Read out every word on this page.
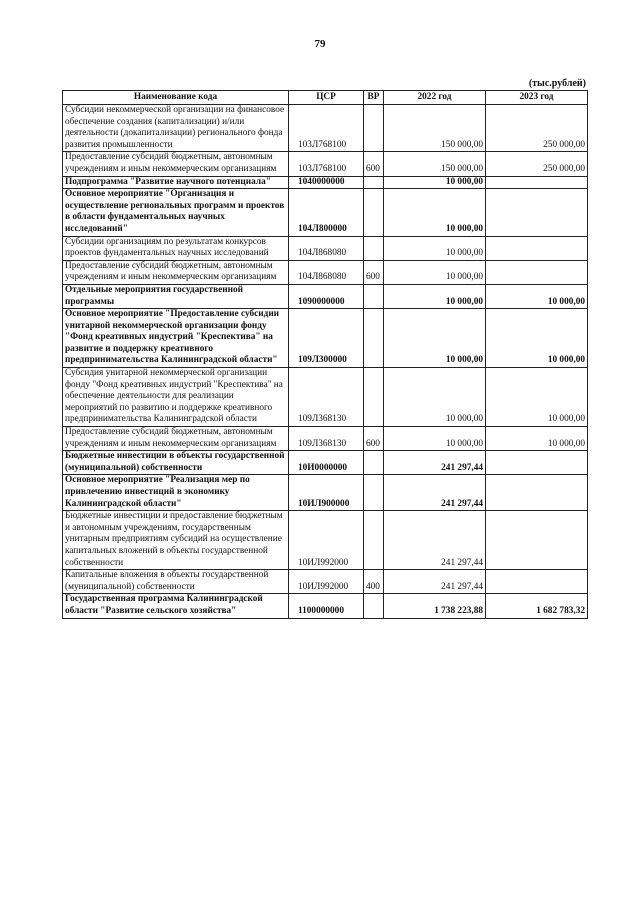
79
(тыс.рублей)
Наименование кода	ЦСР	ВР	2022 год	2023 год
Субсидии некоммерческой организации на финансовое обеспечение создания (капитализации) и/или деятельности (докапитализации) регионального фонда развития промышленности	103Л768100		150 000,00	250 000,00
Предоставление субсидий бюджетным, автономным учреждениям и иным некоммерческим организациям	103Л768100	600	150 000,00	250 000,00
Подпрограмма "Развитие научного потенциала"	1040000000		10 000,00	
Основное мероприятие "Организация и осуществление региональных программ и проектов в области фундаментальных научных исследований"	104Л800000		10 000,00	
Субсидии организациям по результатам конкурсов проектов фундаментальных научных исследований	104Л868080		10 000,00	
Предоставление субсидий бюджетным, автономным учреждениям и иным некоммерческим организациям	104Л868080	600	10 000,00	
Отдельные мероприятия государственной программы	1090000000		10 000,00	10 000,00
Основное мероприятие "Предоставление субсидии унитарной некоммерческой организации фонду "Фонд креативных индустрий "Креспектива" на развитие и поддержку креативного предпринимательства Калининградской области"	109Л300000		10 000,00	10 000,00
Субсидия унитарной некоммерческой организации фонду "Фонд креативных индустрий "Креспектива" на обеспечение деятельности для реализации мероприятий по развитию и поддержке креативного предпринимательства Калининградской области	109Л368130		10 000,00	10 000,00
Предоставление субсидий бюджетным, автономным учреждениям и иным некоммерческим организациям	109Л368130	600	10 000,00	10 000,00
Бюджетные инвестиции в объекты государственной (муниципальной) собственности	10И0000000		241 297,44	
Основное мероприятие "Реализация мер по привлечению инвестиций в экономику Калининградской области"	10ИЛ900000		241 297,44	
Бюджетные инвестиции и предоставление бюджетным и автономным учреждениям, государственным унитарным предприятиям субсидий на осуществление капитальных вложений в объекты государственной собственности	10ИЛ992000		241 297,44	
Капитальные вложения в объекты государственной (муниципальной) собственности	10ИЛ992000	400	241 297,44	
Государственная программа Калининградской области "Развитие сельского хозяйства"	1100000000		1 738 223,88	1 682 783,32
